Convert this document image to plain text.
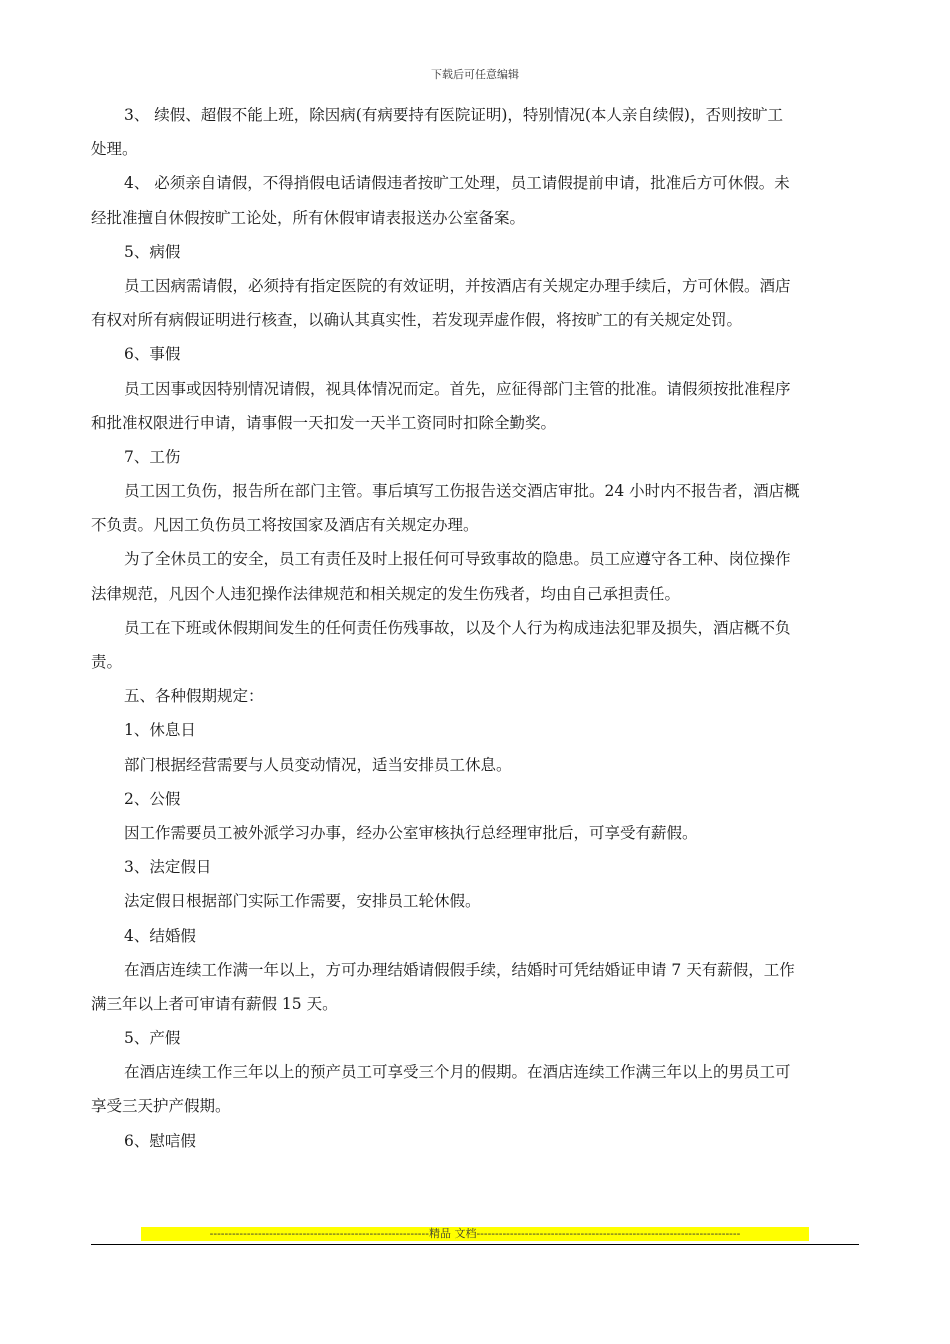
下载后可任意编辑
3、 续假、超假不能上班，除因病(有病要持有医院证明)，特别情况(本人亲自续假)，否则按旷工
处理。
4、 必须亲自请假，不得捎假电话请假违者按旷工处理，员工请假提前申请，批准后方可休假。未
经批准擅自休假按旷工论处，所有休假审请表报送办公室备案。
5、病假
员工因病需请假，必须持有指定医院的有效证明，并按酒店有关规定办理手续后，方可休假。酒店
有权对所有病假证明进行核查，以确认其真实性，若发现弄虚作假，将按旷工的有关规定处罚。
6、事假
员工因事或因特别情况请假，视具体情况而定。首先，应征得部门主管的批准。请假须按批准程序
和批准权限进行申请，请事假一天扣发一天半工资同时扣除全勤奖。
7、工伤
员工因工负伤，报告所在部门主管。事后填写工伤报告送交酒店审批。24 小时内不报告者，酒店概
不负责。凡因工负伤员工将按国家及酒店有关规定办理。
为了全休员工的安全，员工有责任及时上报任何可导致事故的隐患。员工应遵守各工种、岗位操作
法律规范，凡因个人违犯操作法律规范和相关规定的发生伤残者，均由自己承担责任。
员工在下班或休假期间发生的任何责任伤残事故，以及个人行为构成违法犯罪及损失，酒店概不负
责。
五、各种假期规定：
1、休息日
部门根据经营需要与人员变动情况，适当安排员工休息。
2、公假
因工作需要员工被外派学习办事，经办公室审核执行总经理审批后，可享受有薪假。
3、法定假日
法定假日根据部门实际工作需要，安排员工轮休假。
4、结婚假
在酒店连续工作满一年以上，方可办理结婚请假假手续，结婚时可凭结婚证申请 7 天有薪假，工作
满三年以上者可审请有薪假 15 天。
5、产假
在酒店连续工作三年以上的预产员工可享受三个月的假期。在酒店连续工作满三年以上的男员工可
享受三天护产假期。
6、慰唁假
-----------------------------------------------------------精品 文档-----------------------------------------------------------------------
